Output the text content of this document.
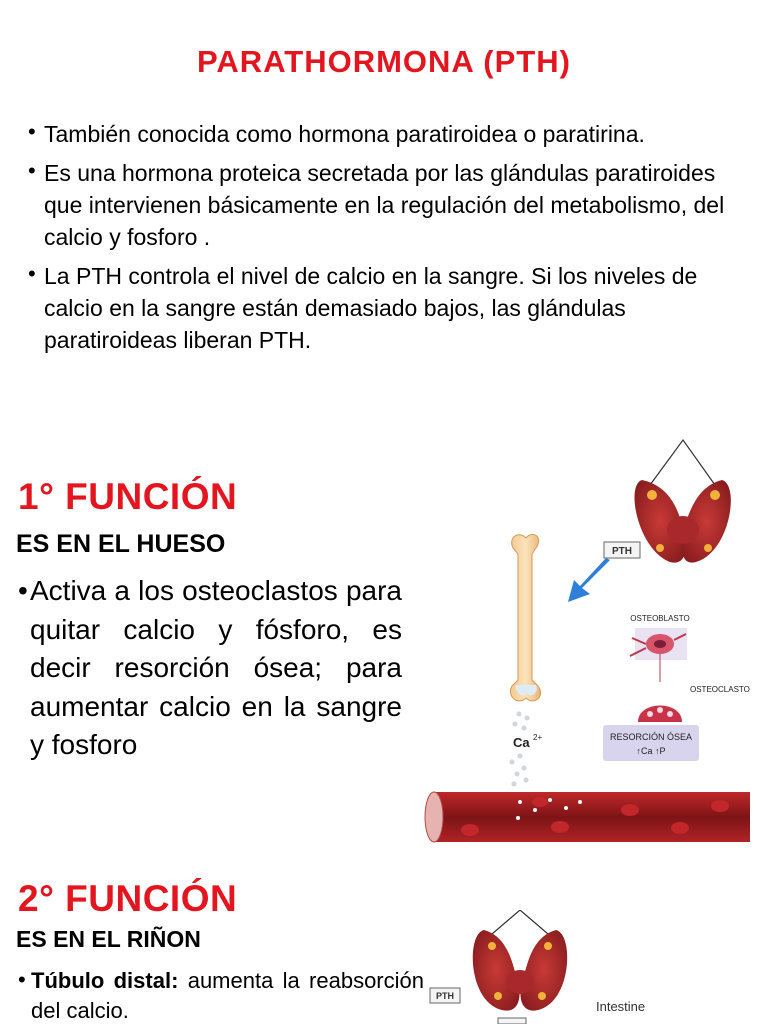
PARATHORMONA (PTH)
• También conocida como hormona paratiroidea o paratirina.
• Es una hormona proteica secretada por las glándulas paratiroides que intervienen básicamente en la regulación del metabolismo, del calcio y fosforo .
• La PTH controla el nivel de calcio en la sangre. Si los niveles de calcio en la sangre están demasiado bajos, las glándulas paratiroideas liberan PTH.
1° FUNCIÓN
ES EN EL HUESO
• Activa a los osteoclastos para quitar calcio y fósforo, es decir resorción ósea; para aumentar calcio en la sangre y fosforo
PTH
OSTEOBLASTO
OSTEOCLASTO
RESORCIÓN ÓSEA
↑Ca ↑P
Ca 2+
2° FUNCIÓN
ES EN EL RIÑON
• Túbulo distal: aumenta la reabsorción del calcio.
PTH
Intestine
